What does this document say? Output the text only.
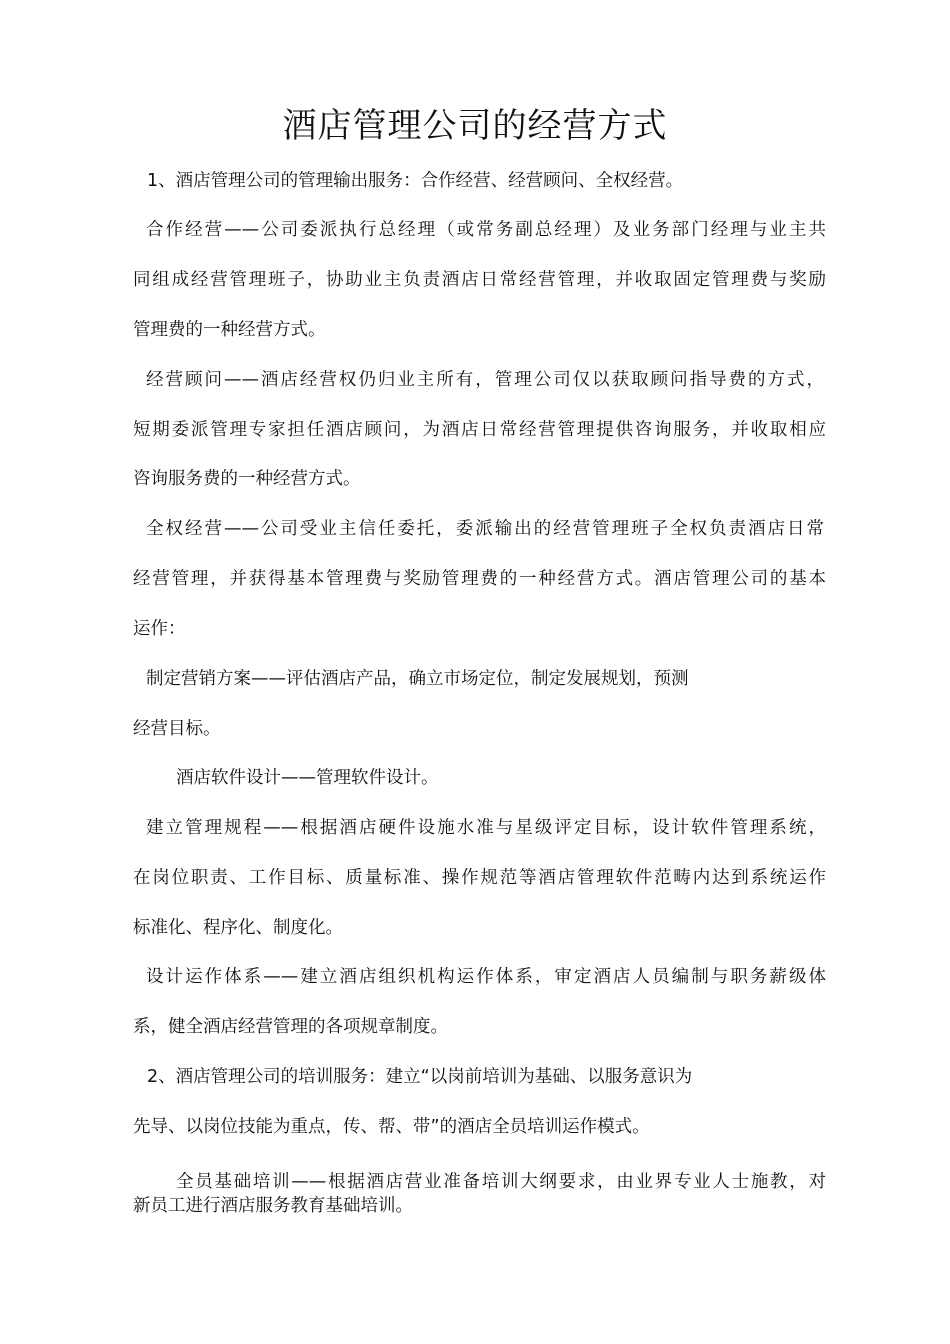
酒店管理公司的经营方式
1、酒店管理公司的管理输出服务：合作经营、经营顾问、全权经营。
合作经营——公司委派执行总经理（或常务副总经理）及业务部门经理与业主共
同组成经营管理班子，协助业主负责酒店日常经营管理，并收取固定管理费与奖励
管理费的一种经营方式。
经营顾问——酒店经营权仍归业主所有，管理公司仅以获取顾问指导费的方式，
短期委派管理专家担任酒店顾问，为酒店日常经营管理提供咨询服务，并收取相应
咨询服务费的一种经营方式。
全权经营——公司受业主信任委托，委派输出的经营管理班子全权负责酒店日常
经营管理，并获得基本管理费与奖励管理费的一种经营方式。酒店管理公司的基本
运作：
制定营销方案——评估酒店产品，确立市场定位，制定发展规划，预测
经营目标。
酒店软件设计——管理软件设计。
建立管理规程——根据酒店硬件设施水准与星级评定目标，设计软件管理系统，
在岗位职责、工作目标、质量标准、操作规范等酒店管理软件范畴内达到系统运作
标准化、程序化、制度化。
设计运作体系——建立酒店组织机构运作体系，审定酒店人员编制与职务薪级体
系，健全酒店经营管理的各项规章制度。
2、酒店管理公司的培训服务：建立“以岗前培训为基础、以服务意识为
先导、以岗位技能为重点，传、帮、带”的酒店全员培训运作模式。
全员基础培训——根据酒店营业准备培训大纲要求，由业界专业人士施教，对
新员工进行酒店服务教育基础培训。
